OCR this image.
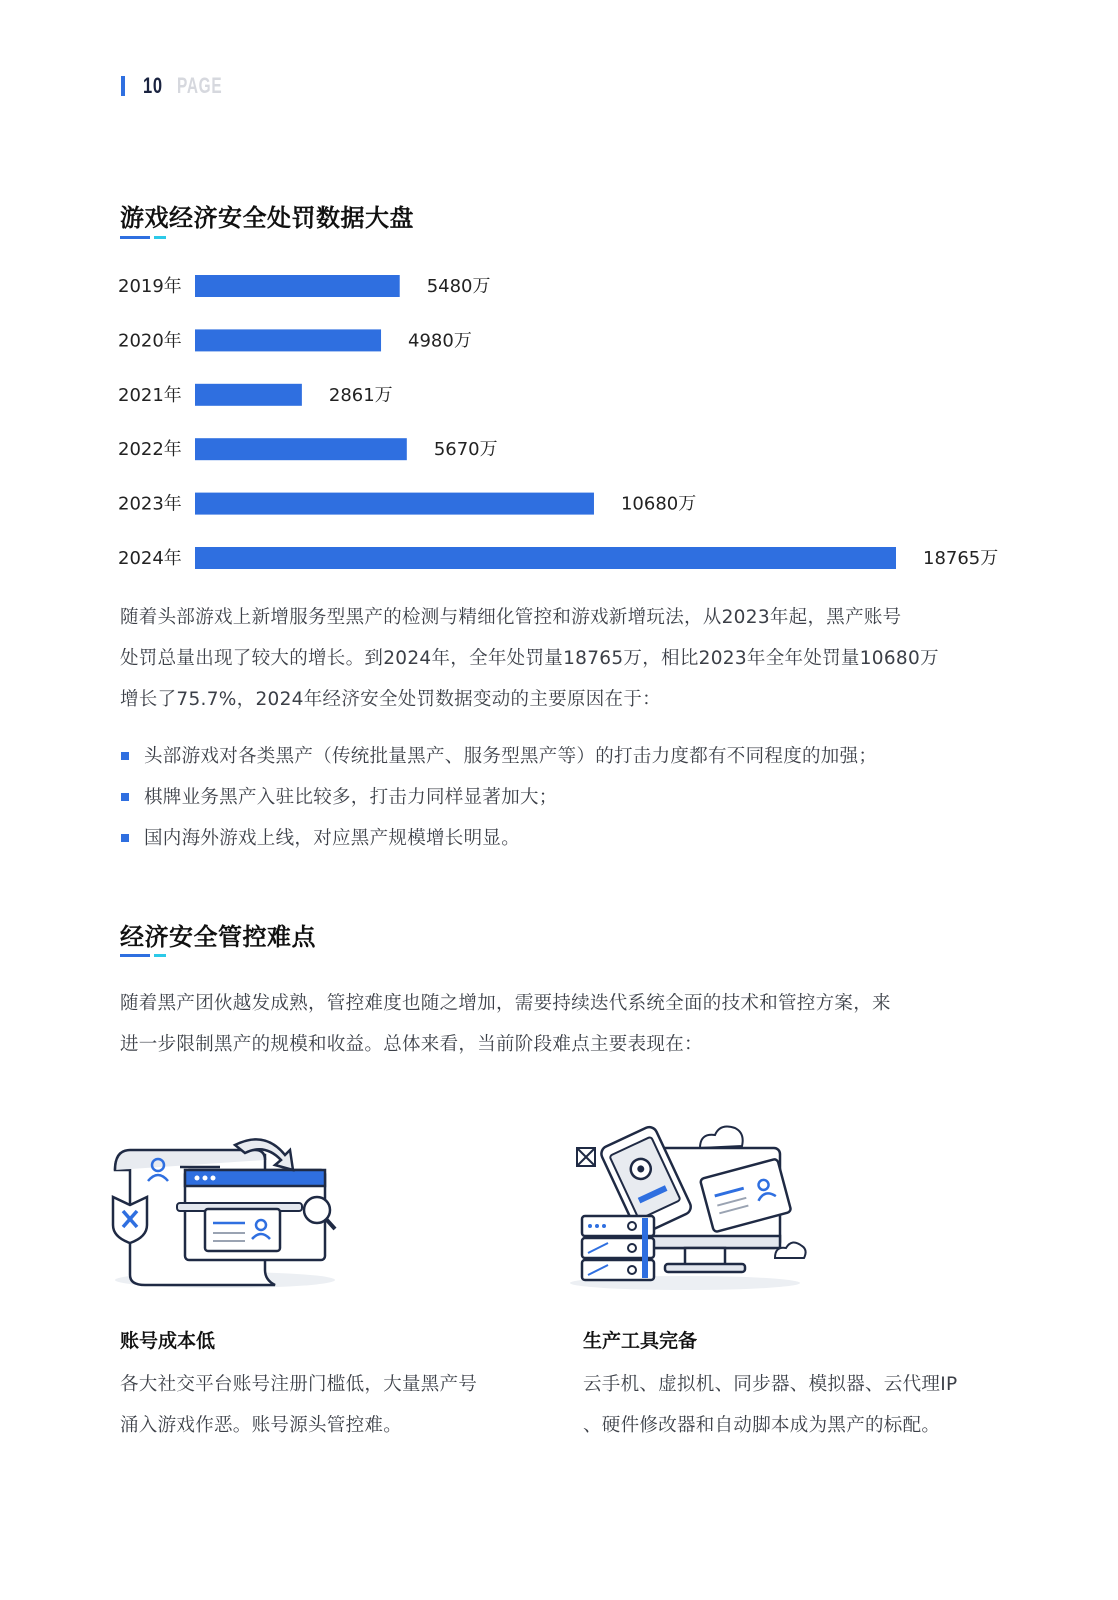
10 PAGE
游戏经济安全处罚数据大盘
2019年	5480万
2020年	4980万
2021年	2861万
2022年	5670万
2023年	10680万
2024年	18765万

随着头部游戏上新增服务型黑产的检测与精细化管控和游戏新增玩法，从2023年起，黑产账号

处罚总量出现了较大的增长。到2024年，全年处罚量18765万，相比2023年全年处罚量10680万

增长了75.7%，2024年经济安全处罚数据变动的主要原因在于：

头部游戏对各类黑产（传统批量黑产、服务型黑产等）的打击力度都有不同程度的加强；
棋牌业务黑产入驻比较多，打击力同样显著加大；
国内海外游戏上线，对应黑产规模增长明显。
经济安全管控难点

随着黑产团伙越发成熟，管控难度也随之增加，需要持续迭代系统全面的技术和管控方案，来

进一步限制黑产的规模和收益。总体来看，当前阶段难点主要表现在：

账号成本低

各大社交平台账号注册门槛低，大量黑产号

涌入游戏作恶。账号源头管控难。

生产工具完备

云手机、虚拟机、同步器、模拟器、云代理IP

、硬件修改器和自动脚本成为黑产的标配。
